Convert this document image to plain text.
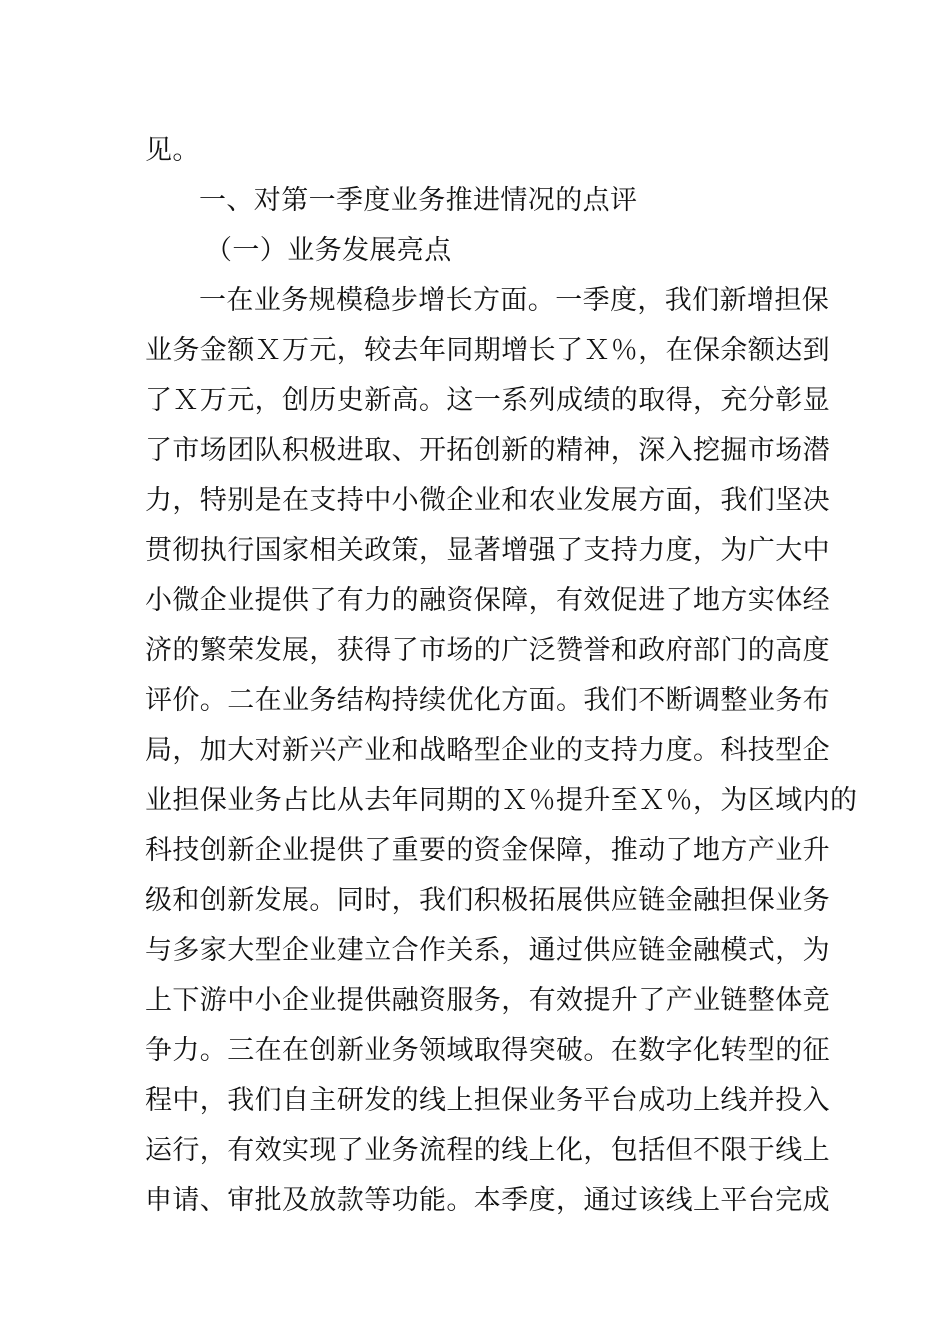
见。
一、对第一季度业务推进情况的点评
（一）业务发展亮点
一在业务规模稳步增长方面。一季度，我们新增担保
业务金额Ｘ万元，较去年同期增长了Ｘ％，在保余额达到
了Ｘ万元，创历史新高。这一系列成绩的取得，充分彰显
了市场团队积极进取、开拓创新的精神，深入挖掘市场潜
力，特别是在支持中小微企业和农业发展方面，我们坚决
贯彻执行国家相关政策，显著增强了支持力度，为广大中
小微企业提供了有力的融资保障，有效促进了地方实体经
济的繁荣发展，获得了市场的广泛赞誉和政府部门的高度
评价。二在业务结构持续优化方面。我们不断调整业务布
局，加大对新兴产业和战略型企业的支持力度。科技型企
业担保业务占比从去年同期的Ｘ％提升至Ｘ％，为区域内的
科技创新企业提供了重要的资金保障，推动了地方产业升
级和创新发展。同时，我们积极拓展供应链金融担保业务
与多家大型企业建立合作关系，通过供应链金融模式，为
上下游中小企业提供融资服务，有效提升了产业链整体竞
争力。三在在创新业务领域取得突破。在数字化转型的征
程中，我们自主研发的线上担保业务平台成功上线并投入
运行，有效实现了业务流程的线上化，包括但不限于线上
申请、审批及放款等功能。本季度，通过该线上平台完成
